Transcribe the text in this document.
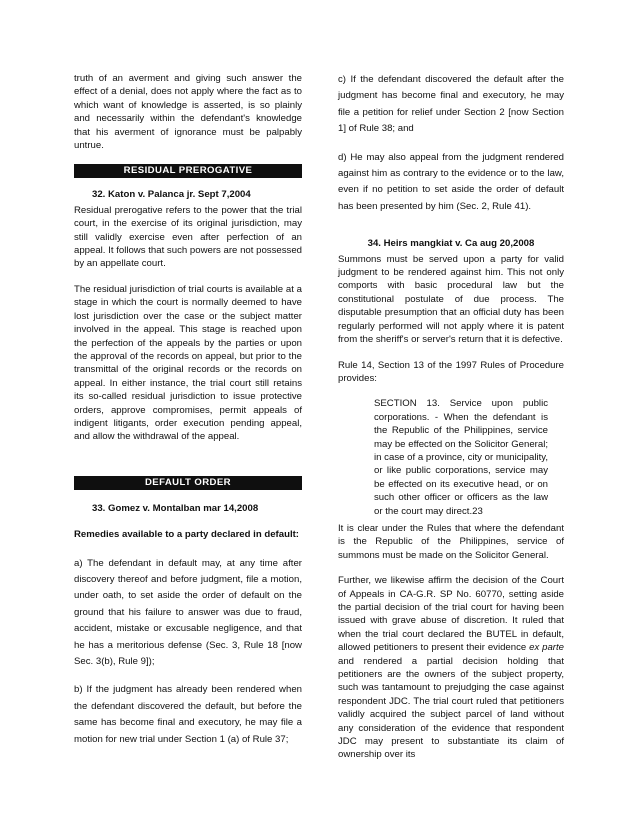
truth of an averment and giving such answer the effect of a denial, does not apply where the fact as to which want of knowledge is asserted, is so plainly and necessarily within the defendant's knowledge that his averment of ignorance must be palpably untrue.

RESIDUAL PREROGATIVE

32. Katon v. Palanca jr. Sept 7,2004

Residual prerogative refers to the power that the trial court, in the exercise of its original jurisdiction, may still validly exercise even after perfection of an appeal. It follows that such powers are not possessed by an appellate court.

The residual jurisdiction of trial courts is available at a stage in which the court is normally deemed to have lost jurisdiction over the case or the subject matter involved in the appeal. This stage is reached upon the perfection of the appeals by the parties or upon the approval of the records on appeal, but prior to the transmittal of the original records or the records on appeal. In either instance, the trial court still retains its so-called residual jurisdiction to issue protective orders, approve compromises, permit appeals of indigent litigants, order execution pending appeal, and allow the withdrawal of the appeal.

DEFAULT ORDER

33. Gomez v. Montalban mar 14,2008

Remedies available to a party declared in default:

a) The defendant in default may, at any time after discovery thereof and before judgment, file a motion, under oath, to set aside the order of default on the ground that his failure to answer was due to fraud, accident, mistake or excusable negligence, and that he has a meritorious defense (Sec. 3, Rule 18 [now Sec. 3(b), Rule 9]);

b) If the judgment has already been rendered when the defendant discovered the default, but before the same has become final and executory, he may file a motion for new trial under Section 1 (a) of Rule 37;

c) If the defendant discovered the default after the judgment has become final and executory, he may file a petition for relief under Section 2 [now Section 1] of Rule 38; and

d) He may also appeal from the judgment rendered against him as contrary to the evidence or to the law, even if no petition to set aside the order of default has been presented by him (Sec. 2, Rule 41).

34. Heirs mangkiat v. Ca aug 20,2008

Summons must be served upon a party for valid judgment to be rendered against him. This not only comports with basic procedural law but the constitutional postulate of due process. The disputable presumption that an official duty has been regularly performed will not apply where it is patent from the sheriff's or server's return that it is defective.

Rule 14, Section 13 of the 1997 Rules of Procedure provides:

SECTION 13. Service upon public corporations. - When the defendant is the Republic of the Philippines, service may be effected on the Solicitor General; in case of a province, city or municipality, or like public corporations, service may be effected on its executive head, or on such other officer or officers as the law or the court may direct.23

It is clear under the Rules that where the defendant is the Republic of the Philippines, service of summons must be made on the Solicitor General.

Further, we likewise affirm the decision of the Court of Appeals in CA-G.R. SP No. 60770, setting aside the partial decision of the trial court for having been issued with grave abuse of discretion. It ruled that when the trial court declared the BUTEL in default, allowed petitioners to present their evidence ex parte and rendered a partial decision holding that petitioners are the owners of the subject property, such was tantamount to prejudging the case against respondent JDC. The trial court ruled that petitioners validly acquired the subject parcel of land without any consideration of the evidence that respondent JDC may present to substantiate its claim of ownership over its
